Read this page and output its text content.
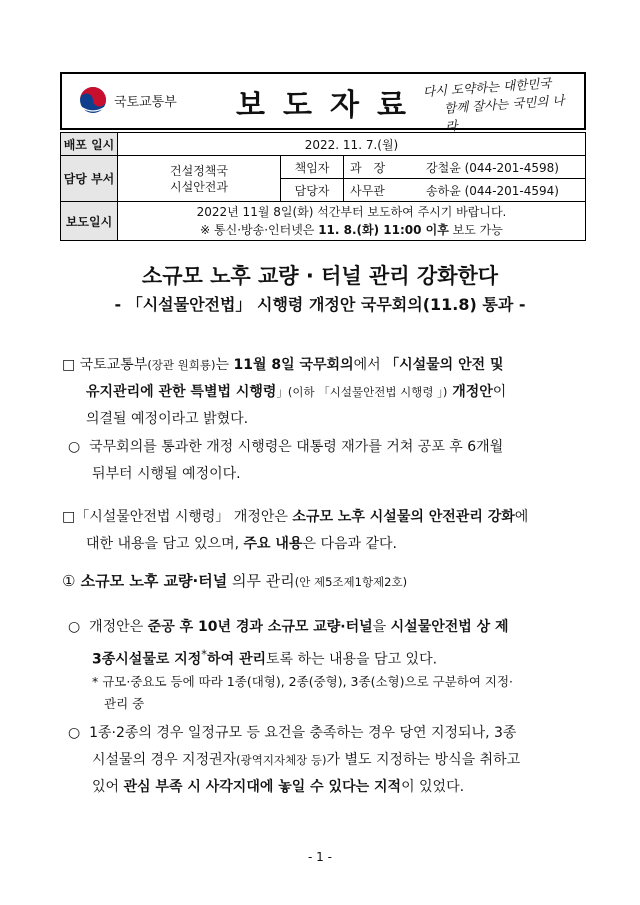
국토교통부 보도자료
다시 도약하는 대한민국
함께 잘사는 국민의 나라
배포 일시	2022. 11. 7.(월)			
담당 부서	건설정책국
시설안전과	책임자	과　장	강철윤 (044-201-4598)
		담당자	사무관	송하윤 (044-201-4594)
보도일시	2022년 11월 8일(화) 석간부터 보도하여 주시기 바랍니다.
※ 통신·방송·인터넷은 11. 8.(화) 11:00 이후 보도 가능			
소규모 노후 교량 · 터널 관리 강화한다
- 「시설물안전법」 시행령 개정안 국무회의(11.8) 통과 -
□ 국토교통부(장관 원희룡)는 11월 8일 국무회의에서 「시설물의 안전 및
유지관리에 관한 특별법 시행령」(이하 「시설물안전법 시행령 」) 개정안이
의결될 예정이라고 밝혔다.
○ 국무회의를 통과한 개정 시행령은 대통령 재가를 거쳐 공포 후 6개월
뒤부터 시행될 예정이다.
□「시설물안전법 시행령」 개정안은 소규모 노후 시설물의 안전관리 강화에
대한 내용을 담고 있으며, 주요 내용은 다음과 같다.
① 소규모 노후 교량·터널 의무 관리(안 제5조제1항제2호)
○ 개정안은 준공 후 10년 경과 소규모 교량·터널을 시설물안전법 상 제
3종시설물로 지정*하여 관리토록 하는 내용을 담고 있다.
* 규모·중요도 등에 따라 1종(대형), 2종(중형), 3종(소형)으로 구분하여 지정·
관리 중
○ 1종·2종의 경우 일정규모 등 요건을 충족하는 경우 당연 지정되나, 3종
시설물의 경우 지정권자(광역지자체장 등)가 별도 지정하는 방식을 취하고
있어 관심 부족 시 사각지대에 놓일 수 있다는 지적이 있었다.
- 1 -
